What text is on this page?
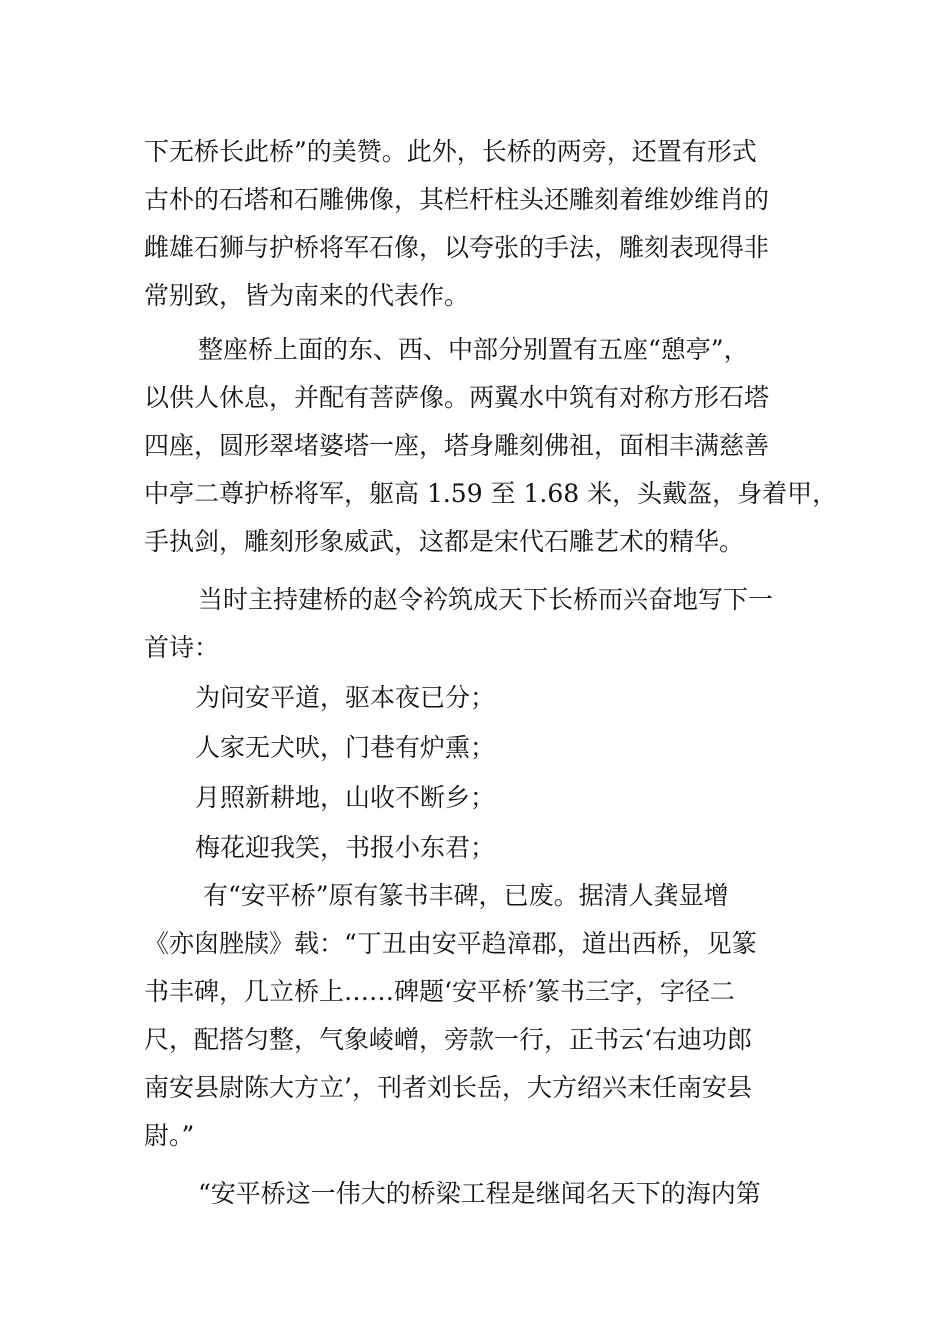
下无桥长此桥”的美赞。此外，长桥的两旁，还置有形式
古朴的石塔和石雕佛像，其栏杆柱头还雕刻着维妙维肖的
雌雄石狮与护桥将军石像，以夸张的手法，雕刻表现得非
常别致，皆为南来的代表作。
整座桥上面的东、西、中部分别置有五座“憩亭”，
以供人休息，并配有菩萨像。两翼水中筑有对称方形石塔
四座，圆形翠堵婆塔一座，塔身雕刻佛祖，面相丰满慈善
中亭二尊护桥将军，躯高 1.59 至 1.68 米，头戴盔，身着甲，
手执剑，雕刻形象威武，这都是宋代石雕艺术的精华。
当时主持建桥的赵令衿筑成天下长桥而兴奋地写下一
首诗：
为问安平道，驱本夜已分；
人家无犬吠，门巷有炉熏；
月照新耕地，山收不断乡；
梅花迎我笑，书报小东君；
有“安平桥”原有篆书丰碑，已废。据清人龚显增
《亦囱脞牍》载：“丁丑由安平趋漳郡，道出西桥，见篆
书丰碑，几立桥上……碑题‘安平桥’篆书三字，字径二
尺，配搭匀整，气象崚嶒，旁款一行，正书云‘右迪功郎
南安县尉陈大方立’，刊者刘长岳，大方绍兴末任南安县
尉。”
“安平桥这一伟大的桥梁工程是继闻名天下的海内第
